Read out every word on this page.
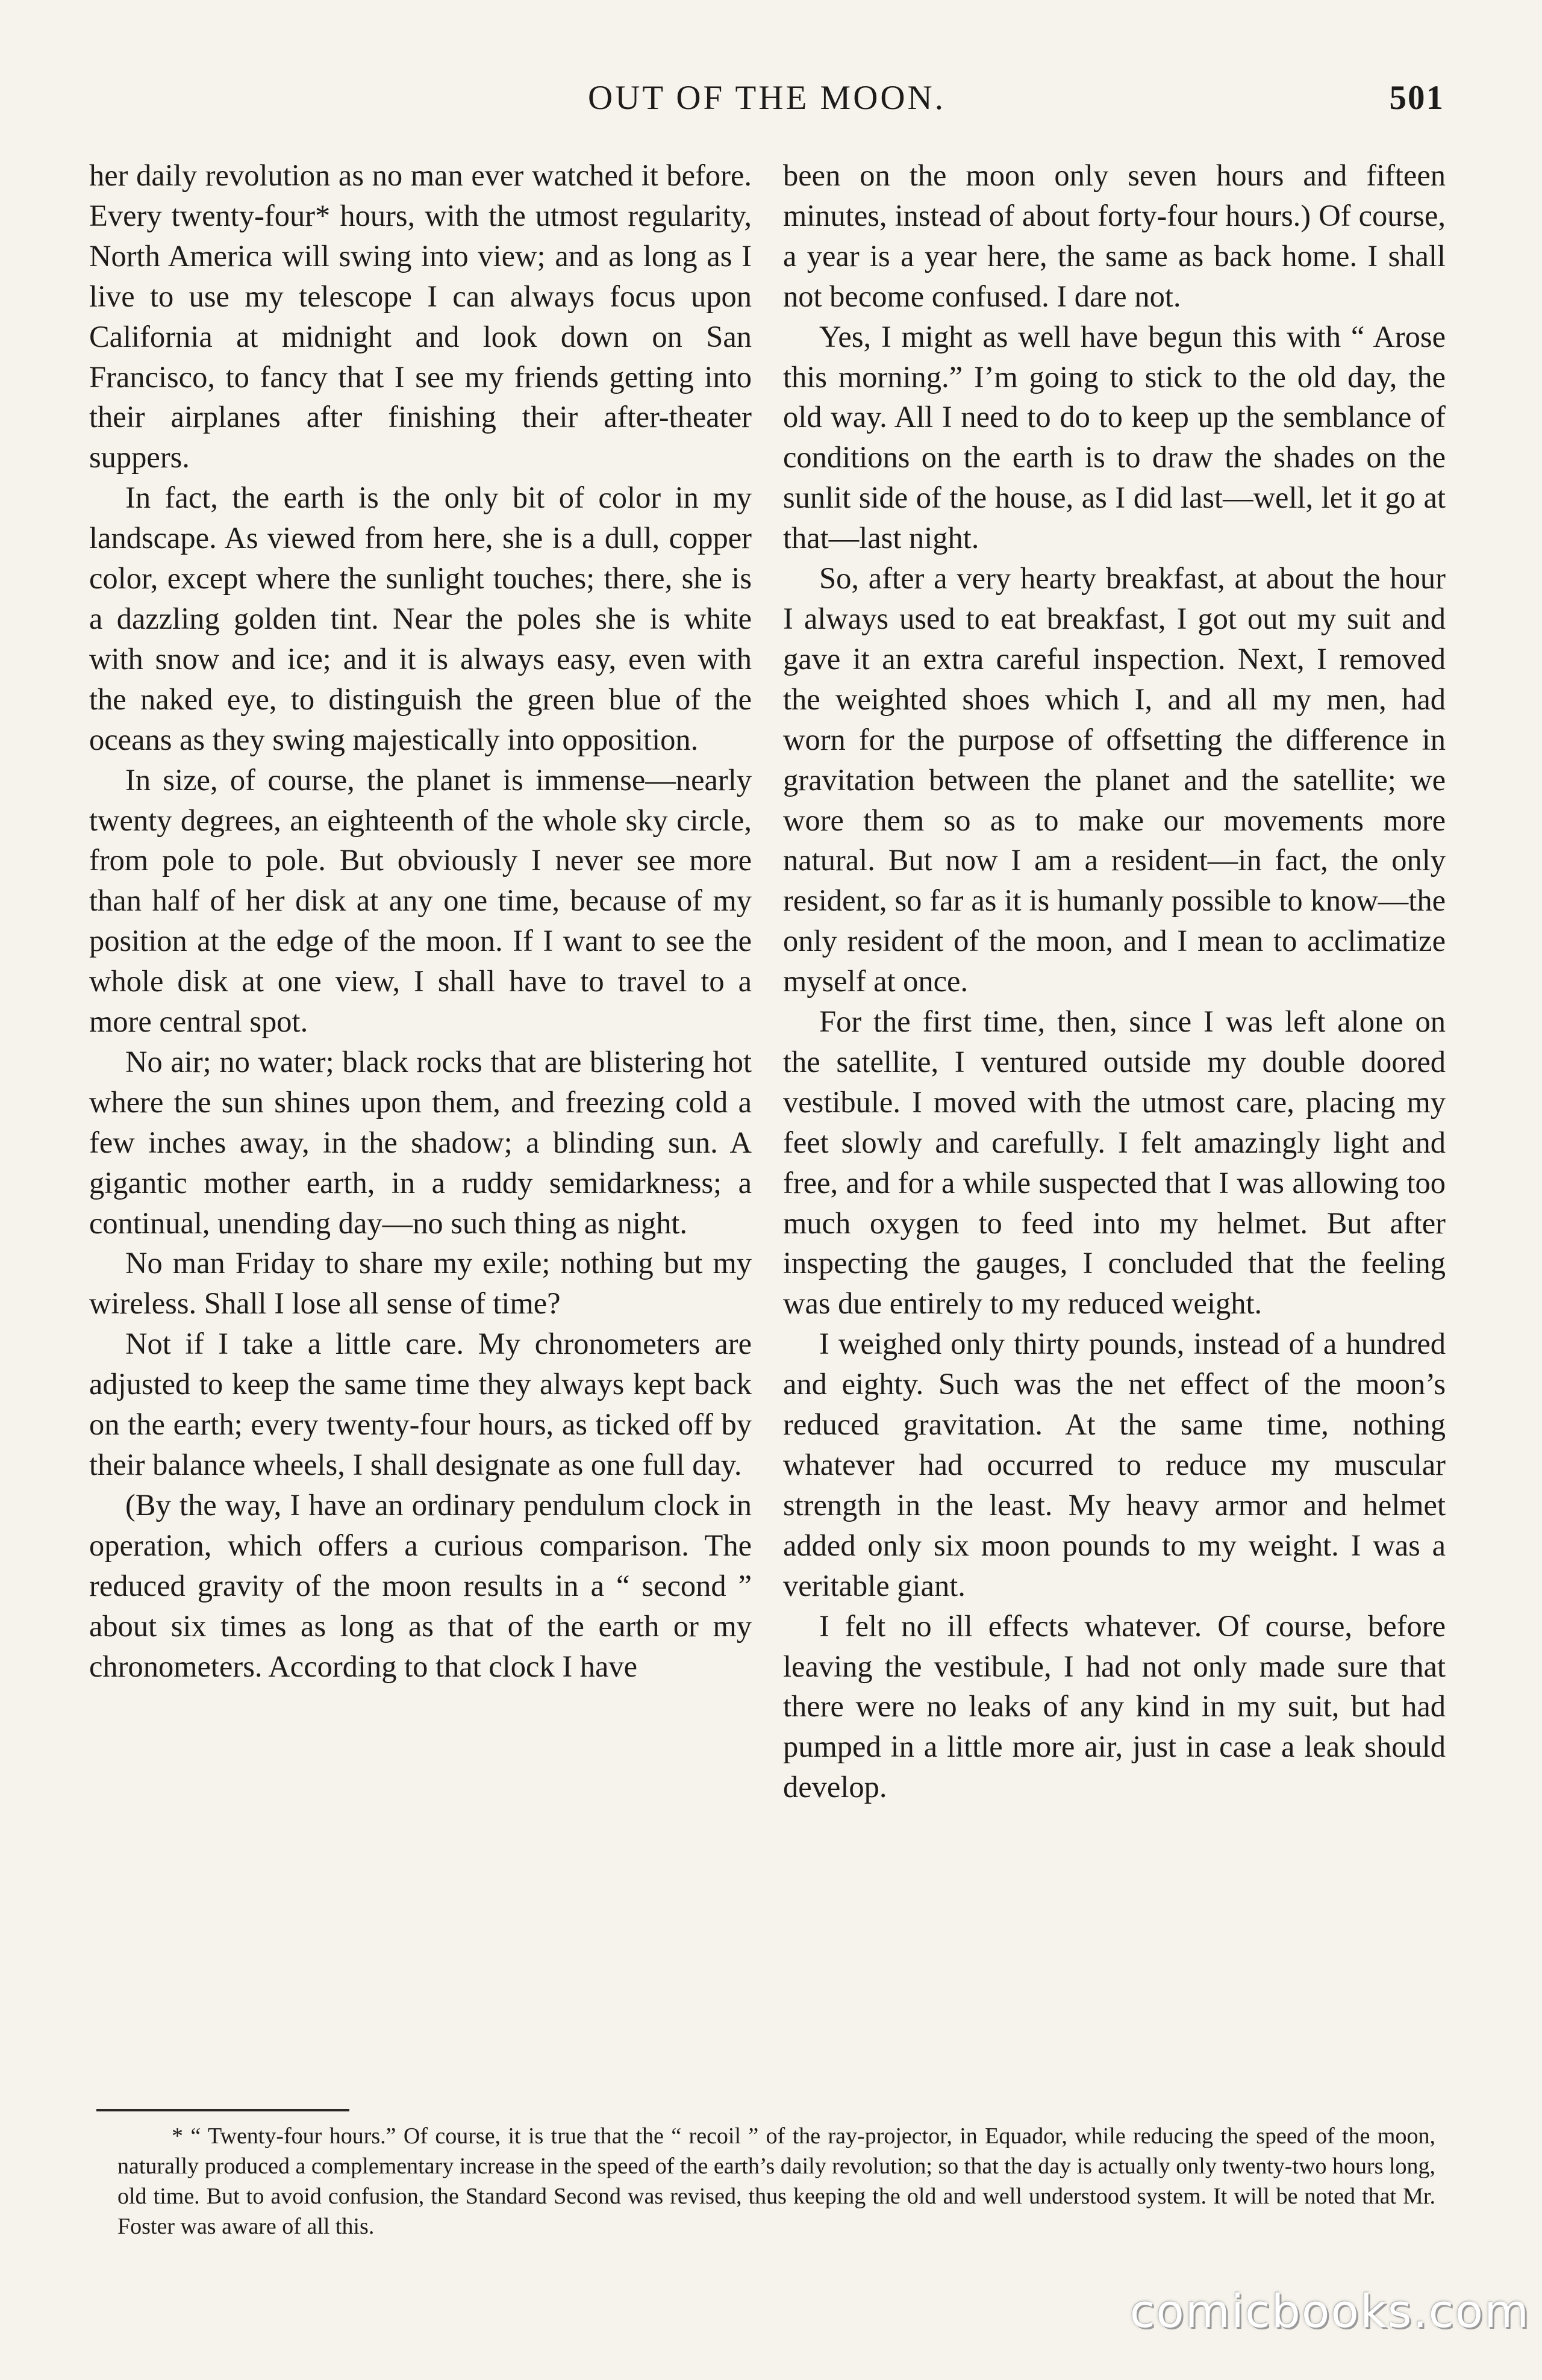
OUT OF THE MOON.	501

her daily revolution as no man ever watched it before. Every twenty-four* hours, with the utmost regularity, North America will swing into view; and as long as I live to use my telescope I can always focus upon California at midnight and look down on San Francisco, to fancy that I see my friends getting into their airplanes after finishing their after-theater suppers.

In fact, the earth is the only bit of color in my landscape. As viewed from here, she is a dull, copper color, except where the sunlight touches; there, she is a dazzling golden tint. Near the poles she is white with snow and ice; and it is always easy, even with the naked eye, to distinguish the green blue of the oceans as they swing majestically into opposition.

In size, of course, the planet is immense—nearly twenty degrees, an eighteenth of the whole sky circle, from pole to pole. But obviously I never see more than half of her disk at any one time, because of my position at the edge of the moon. If I want to see the whole disk at one view, I shall have to travel to a more central spot.

No air; no water; black rocks that are blistering hot where the sun shines upon them, and freezing cold a few inches away, in the shadow; a blinding sun. A gigantic mother earth, in a ruddy semidarkness; a continual, unending day—no such thing as night.

No man Friday to share my exile; nothing but my wireless. Shall I lose all sense of time?

Not if I take a little care. My chronometers are adjusted to keep the same time they always kept back on the earth; every twenty-four hours, as ticked off by their balance wheels, I shall designate as one full day.

(By the way, I have an ordinary pendulum clock in operation, which offers a curious comparison. The reduced gravity of the moon results in a “ second ” about six times as long as that of the earth or my chronometers. According to that clock I have

been on the moon only seven hours and fifteen minutes, instead of about forty-four hours.) Of course, a year is a year here, the same as back home. I shall not become confused. I dare not.

Yes, I might as well have begun this with “ Arose this morning.” I’m going to stick to the old day, the old way. All I need to do to keep up the semblance of conditions on the earth is to draw the shades on the sunlit side of the house, as I did last—well, let it go at that—last night.

So, after a very hearty breakfast, at about the hour I always used to eat breakfast, I got out my suit and gave it an extra careful inspection. Next, I removed the weighted shoes which I, and all my men, had worn for the purpose of offsetting the difference in gravitation between the planet and the satellite; we wore them so as to make our movements more natural. But now I am a resident—in fact, the only resident, so far as it is humanly possible to know—the only resident of the moon, and I mean to acclimatize myself at once.

For the first time, then, since I was left alone on the satellite, I ventured outside my double doored vestibule. I moved with the utmost care, placing my feet slowly and carefully. I felt amazingly light and free, and for a while suspected that I was allowing too much oxygen to feed into my helmet. But after inspecting the gauges, I concluded that the feeling was due entirely to my reduced weight.

I weighed only thirty pounds, instead of a hundred and eighty. Such was the net effect of the moon’s reduced gravitation. At the same time, nothing whatever had occurred to reduce my muscular strength in the least. My heavy armor and helmet added only six moon pounds to my weight. I was a veritable giant.

I felt no ill effects whatever. Of course, before leaving the vestibule, I had not only made sure that there were no leaks of any kind in my suit, but had pumped in a little more air, just in case a leak should develop.

* “ Twenty-four hours.” Of course, it is true that the “ recoil ” of the ray-projector, in Equador, while reducing the speed of the moon, naturally produced a complementary increase in the speed of the earth’s daily revolution; so that the day is actually only twenty-two hours long, old time. But to avoid confusion, the Standard Second was revised, thus keeping the old and well understood system. It will be noted that Mr. Foster was aware of all this.
comicbooks.com
